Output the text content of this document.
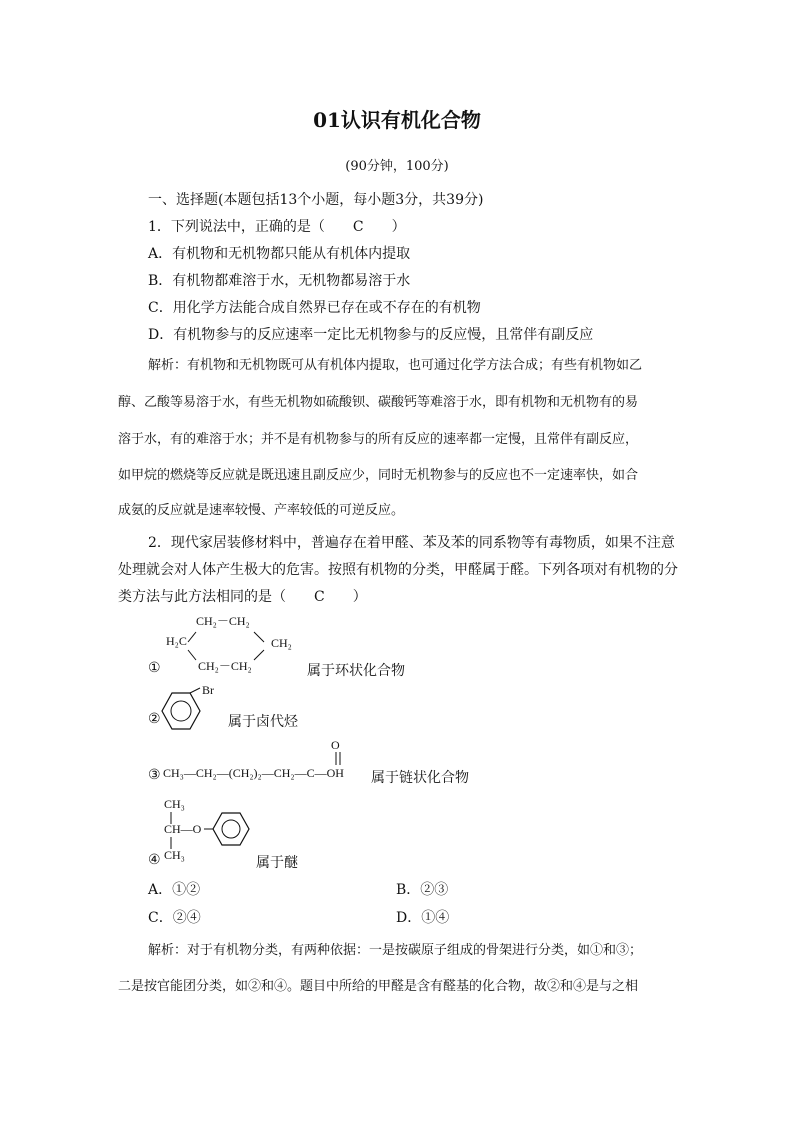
01认识有机化合物
(90分钟，100分)
一、选择题(本题包括13个小题，每小题3分，共39分)
1．下列说法中，正确的是（　　C　　）
A．有机物和无机物都只能从有机体内提取
B．有机物都难溶于水，无机物都易溶于水
C．用化学方法能合成自然界已存在或不存在的有机物
D．有机物参与的反应速率一定比无机物参与的反应慢，且常伴有副反应
解析：有机物和无机物既可从有机体内提取，也可通过化学方法合成；有些有机物如乙
醇、乙酸等易溶于水，有些无机物如硫酸钡、碳酸钙等难溶于水，即有机物和无机物有的易
溶于水，有的难溶于水；并不是有机物参与的所有反应的速率都一定慢，且常伴有副反应，
如甲烷的燃烧等反应就是既迅速且副反应少，同时无机物参与的反应也不一定速率快，如合
成氨的反应就是速率较慢、产率较低的可逆反应。
2．现代家居装修材料中，普遍存在着甲醛、苯及苯的同系物等有毒物质，如果不注意
处理就会对人体产生极大的危害。按照有机物的分类，甲醛属于醛。下列各项对有机物的分
类方法与此方法相同的是（　　C　　）
CH₂－CH₂
H₂C	CH₂
CH₂－CH₂
①	属于环状化合物
②
Br
属于卤代烃
O
③ CH₃—CH₂—(CH₂)₂—CH₂—C—OH 属于链状化合物
CH₃
CH—O
④ CH₃	属于醚
A．①②	B．②③
C．②④	D．①④
解析：对于有机物分类，有两种依据：一是按碳原子组成的骨架进行分类，如①和③；
二是按官能团分类，如②和④。题目中所给的甲醛是含有醛基的化合物，故②和④是与之相
